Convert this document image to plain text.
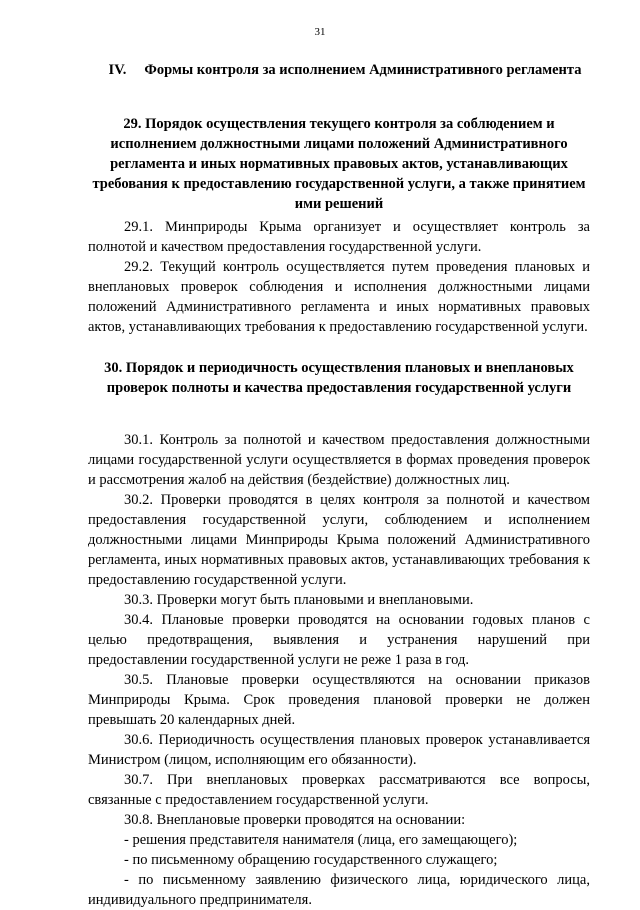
31
IV. Формы контроля за исполнением Административного регламента

29. Порядок осуществления текущего контроля за соблюдением и исполнением должностными лицами положений Административного регламента и иных нормативных правовых актов, устанавливающих требования к предоставлению государственной услуги, а также принятием ими решений

29.1. Минприроды Крыма организует и осуществляет контроль за полнотой и качеством предоставления государственной услуги.

29.2. Текущий контроль осуществляется путем проведения плановых и внеплановых проверок соблюдения и исполнения должностными лицами положений Административного регламента и иных нормативных правовых актов, устанавливающих требования к предоставлению государственной услуги.

30. Порядок и периодичность осуществления плановых и внеплановых проверок полноты и качества предоставления государственной услуги

30.1. Контроль за полнотой и качеством предоставления должностными лицами государственной услуги осуществляется в формах проведения проверок и рассмотрения жалоб на действия (бездействие) должностных лиц.

30.2. Проверки проводятся в целях контроля за полнотой и качеством предоставления государственной услуги, соблюдением и исполнением должностными лицами Минприроды Крыма положений Административного регламента, иных нормативных правовых актов, устанавливающих требования к предоставлению государственной услуги.

30.3. Проверки могут быть плановыми и внеплановыми.

30.4. Плановые проверки проводятся на основании годовых планов с целью предотвращения, выявления и устранения нарушений при предоставлении государственной услуги не реже 1 раза в год.

30.5. Плановые проверки осуществляются на основании приказов Минприроды Крыма. Срок проведения плановой проверки не должен превышать 20 календарных дней.

30.6. Периодичность осуществления плановых проверок устанавливается Министром (лицом, исполняющим его обязанности).

30.7. При внеплановых проверках рассматриваются все вопросы, связанные с предоставлением государственной услуги.

30.8. Внеплановые проверки проводятся на основании:

- решения представителя нанимателя (лица, его замещающего);

- по письменному обращению государственного служащего;

- по письменному заявлению физического лица, юридического лица, индивидуального предпринимателя.
